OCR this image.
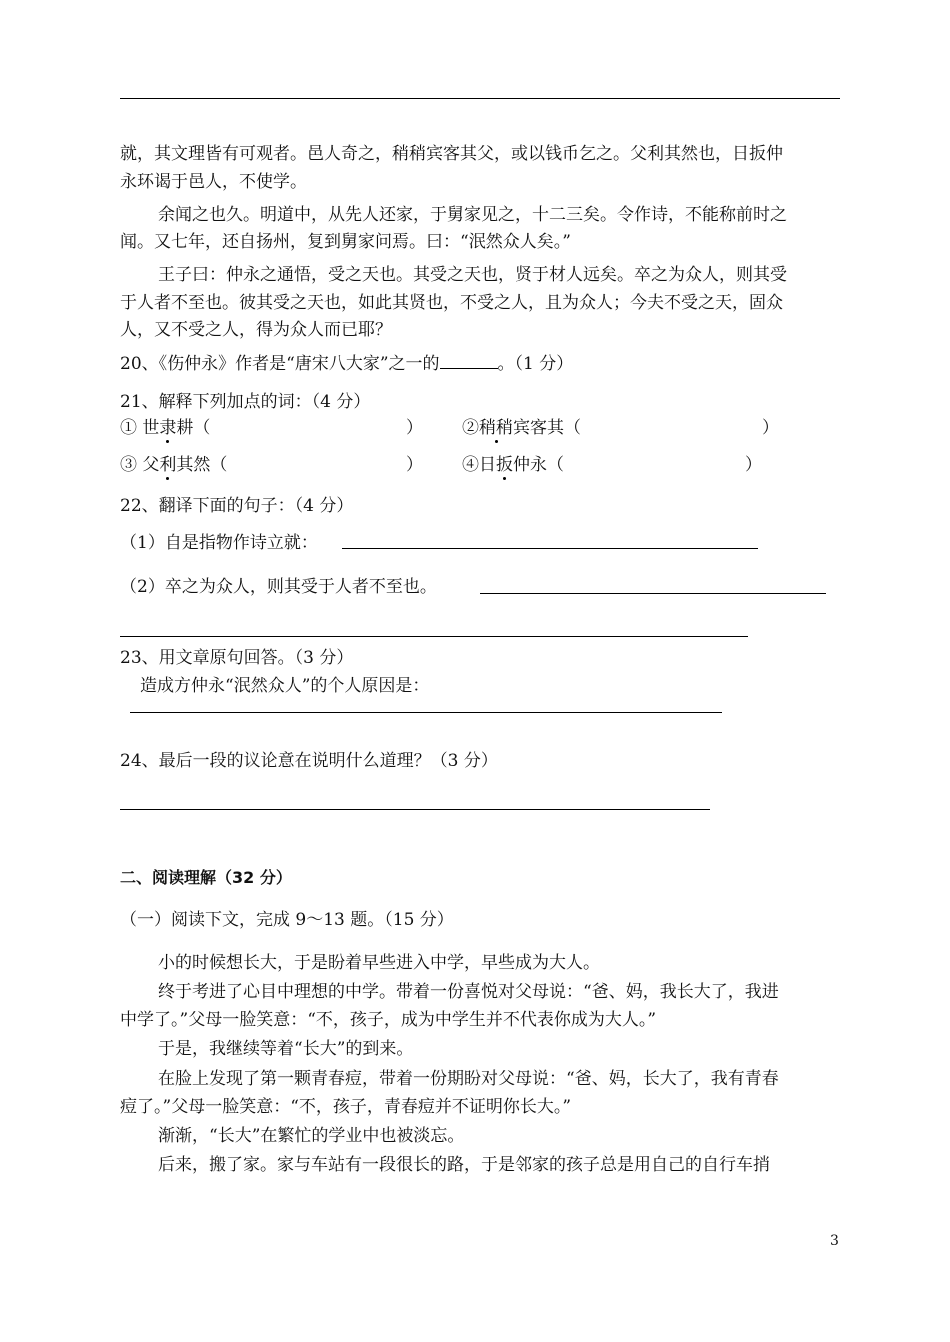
就，其文理皆有可观者。邑人奇之，稍稍宾客其父，或以钱币乞之。父利其然也，日扳仲
永环谒于邑人，不使学。
余闻之也久。明道中，从先人还家，于舅家见之，十二三矣。令作诗，不能称前时之
闻。又七年，还自扬州，复到舅家问焉。曰：“泯然众人矣。”
王子曰：仲永之通悟，受之天也。其受之天也，贤于材人远矣。卒之为众人，则其受
于人者不至也。彼其受之天也，如此其贤也，不受之人，且为众人；今夫不受之天，固众
人，又不受之人，得为众人而已耶？
20、《伤仲永》作者是“唐宋八大家”之一的	。（1 分）
21、解释下列加点的词：（4 分）
① 世隶耕（	） ②稍稍宾客其（	）
③ 父利其然（	） ④日扳仲永（	）
22、翻译下面的句子：（4 分）
（1）自是指物作诗立就：
（2）卒之为众人，则其受于人者不至也。
23、用文章原句回答。（3 分）
造成方仲永“泯然众人”的个人原因是：
24、最后一段的议论意在说明什么道理？（3 分）
二、阅读理解（32 分）
（一）阅读下文，完成 9～13 题。（15 分）
小的时候想长大，于是盼着早些进入中学，早些成为大人。
终于考进了心目中理想的中学。带着一份喜悦对父母说：“爸、妈，我长大了，我进
中学了。”父母一脸笑意：“不，孩子，成为中学生并不代表你成为大人。”
于是，我继续等着“长大”的到来。
在脸上发现了第一颗青春痘，带着一份期盼对父母说：“爸、妈，长大了，我有青春
痘了。”父母一脸笑意：“不，孩子，青春痘并不证明你长大。”
渐渐，“长大”在繁忙的学业中也被淡忘。
后来，搬了家。家与车站有一段很长的路，于是邻家的孩子总是用自己的自行车捎
3
